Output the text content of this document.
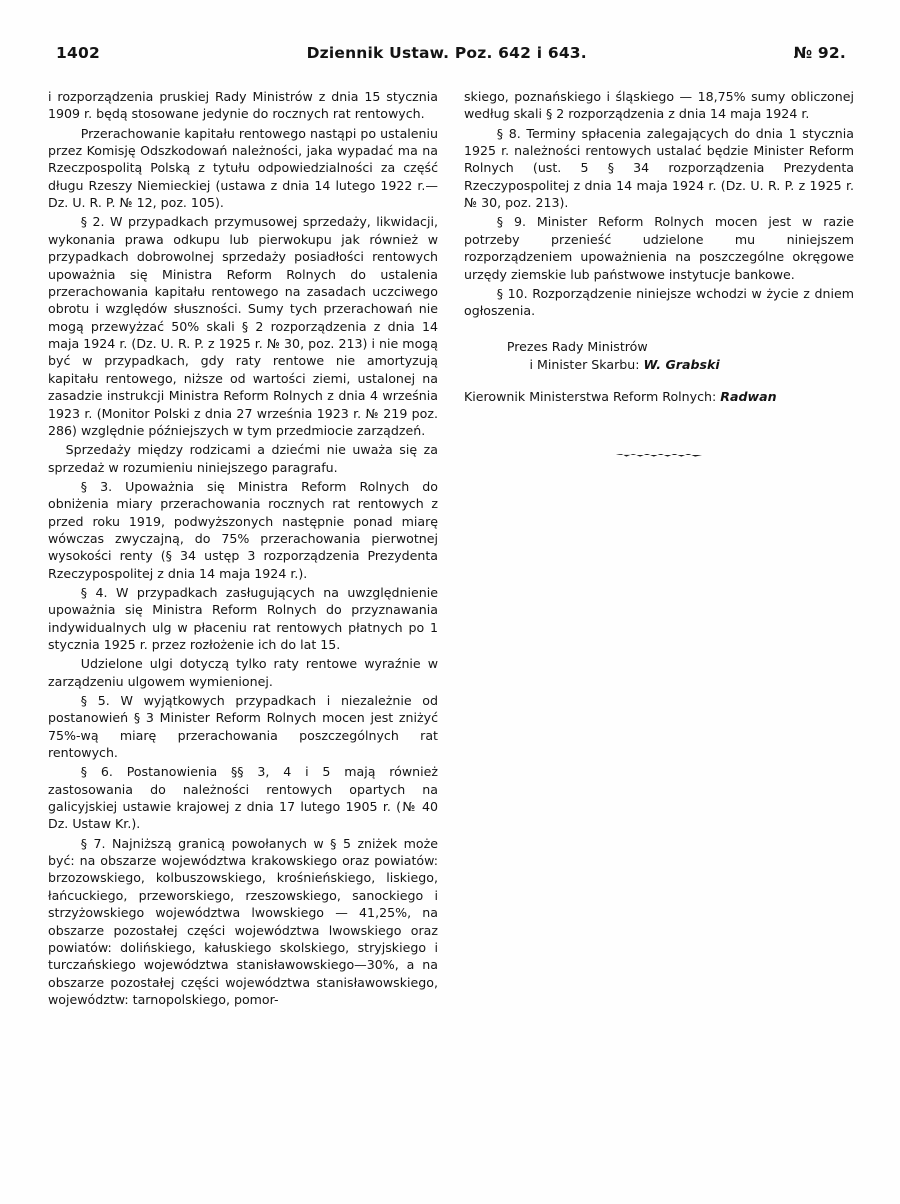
1402	Dziennik Ustaw. Poz. 642 i 643.	№ 92.

i rozporządzenia pruskiej Rady Ministrów z dnia 15 stycznia 1909 r. będą stosowane jedynie do rocznych rat rentowych.

Przerachowanie kapitału rentowego nastąpi po ustaleniu przez Komisję Odszkodowań należności, jaka wypadać ma na Rzeczpospolitą Polską z tytułu odpowiedzialności za część długu Rzeszy Niemieckiej (ustawa z dnia 14 lutego 1922 r.—Dz. U. R. P. № 12, poz. 105).

§ 2. W przypadkach przymusowej sprzedaży, likwidacji, wykonania prawa odkupu lub pierwokupu jak również w przypadkach dobrowolnej sprzedaży posiadłości rentowych upoważnia się Ministra Reform Rolnych do ustalenia przerachowania kapitału rentowego na zasadach uczciwego obrotu i względów słuszności. Sumy tych przerachowań nie mogą przewyżzać 50% skali § 2 rozporządzenia z dnia 14 maja 1924 r. (Dz. U. R. P. z 1925 r. № 30, poz. 213) i nie mogą być w przypadkach, gdy raty rentowe nie amortyzują kapitału rentowego, niższe od wartości ziemi, ustalonej na zasadzie instrukcji Ministra Reform Rolnych z dnia 4 września 1923 r. (Monitor Polski z dnia 27 września 1923 r. № 219 poz. 286) względnie późniejszych w tym przedmiocie zarządzeń.

Sprzedaży między rodzicami a dziećmi nie uważa się za sprzedaż w rozumieniu niniejszego paragrafu.

§ 3. Upoważnia się Ministra Reform Rolnych do obniżenia miary przerachowania rocznych rat rentowych z przed roku 1919, podwyższonych następnie ponad miarę wówczas zwyczajną, do 75% przerachowania pierwotnej wysokości renty (§ 34 ustęp 3 rozporządzenia Prezydenta Rzeczypospolitej z dnia 14 maja 1924 r.).

§ 4. W przypadkach zasługujących na uwzględnienie upoważnia się Ministra Reform Rolnych do przyznawania indywidualnych ulg w płaceniu rat rentowych płatnych po 1 stycznia 1925 r. przez rozłożenie ich do lat 15.

Udzielone ulgi dotyczą tylko raty rentowe wyraźnie w zarządzeniu ulgowem wymienionej.

§ 5. W wyjątkowych przypadkach i niezależnie od postanowień § 3 Minister Reform Rolnych mocen jest zniżyć 75%-wą miarę przerachowania poszczególnych rat rentowych.

§ 6. Postanowienia §§ 3, 4 i 5 mają również zastosowania do należności rentowych opartych na galicyjskiej ustawie krajowej z dnia 17 lutego 1905 r. (№ 40 Dz. Ustaw Kr.).

§ 7. Najniższą granicą powołanych w § 5 zniżek może być: na obszarze województwa krakowskiego oraz powiatów: brzozowskiego, kolbuszowskiego, krośnieńskiego, liskiego, łańcuckiego, przeworskiego, rzeszowskiego, sanockiego i strzyżowskiego województwa lwowskiego — 41,25%, na obszarze pozostałej części województwa lwowskiego oraz powiatów: dolińskiego, kałuskiego skolskiego, stryjskiego i turczańskiego województwa stanisławowskiego—30%, a na obszarze pozostałej części województwa stanisławowskiego, województw: tarnopolskiego, pomor-

skiego, poznańskiego i śląskiego — 18,75% sumy obliczonej według skali § 2 rozporządzenia z dnia 14 maja 1924 r.

§ 8. Terminy spłacenia zalegających do dnia 1 stycznia 1925 r. należności rentowych ustalać będzie Minister Reform Rolnych (ust. 5 § 34 rozporządzenia Prezydenta Rzeczypospolitej z dnia 14 maja 1924 r. (Dz. U. R. P. z 1925 r. № 30, poz. 213).

§ 9. Minister Reform Rolnych mocen jest w razie potrzeby przenieść udzielone mu niniejszem rozporządzeniem upoważnienia na poszczególne okręgowe urzędy ziemskie lub państwowe instytucje bankowe.

§ 10. Rozporządzenie niniejsze wchodzi w życie z dniem ogłoszenia.

Prezes Rady Ministrów
i Minister Skarbu: W. Grabski
Kierownik Ministerstwa Reform Rolnych: Radwan
